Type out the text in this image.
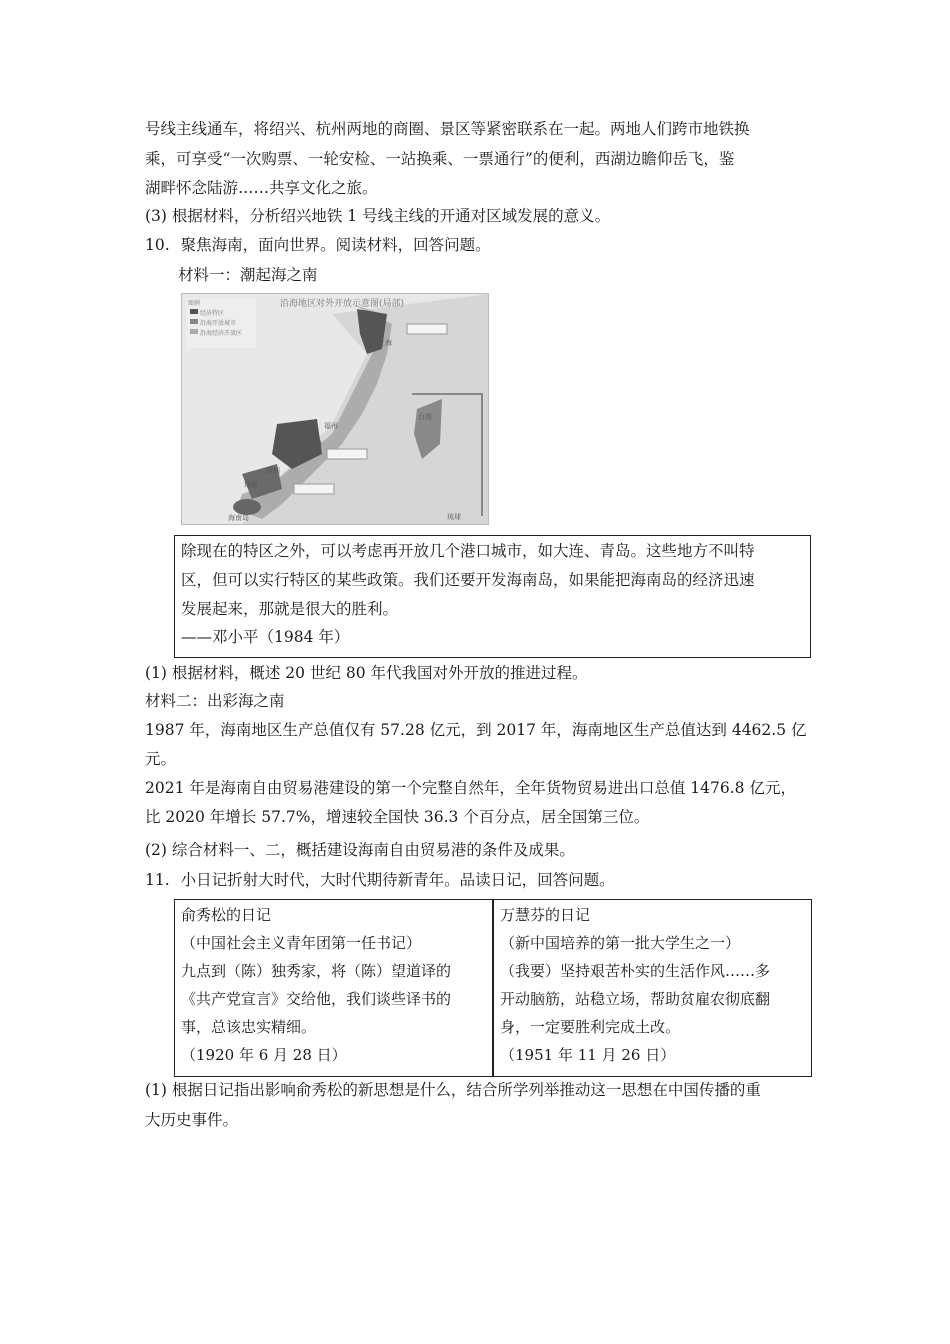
号线主线通车，将绍兴、杭州两地的商圈、景区等紧密联系在一起。两地人们跨市地铁换
乘，可享受“一次购票、一轮安检、一站换乘、一票通行”的便利，西湖边瞻仰岳飞，鉴
湖畔怀念陆游……共享文化之旅。
(3) 根据材料，分析绍兴地铁 1 号线主线的开通对区域发展的意义。
10. 聚焦海南，面向世界。阅读材料，回答问题。
材料一：潮起海之南
沿海地区对外开放示意图(局部)
图例
经济特区
沿海开放城市
沿海经济开放区
上海
福州
厦门
汕头
深圳
珠海
台湾
琉球
海南岛
除现在的特区之外，可以考虑再开放几个港口城市，如大连、青岛。这些地方不叫特
区，但可以实行特区的某些政策。我们还要开发海南岛，如果能把海南岛的经济迅速
发展起来，那就是很大的胜利。
——邓小平（1984 年）
(1) 根据材料，概述 20 世纪 80 年代我国对外开放的推进过程。
材料二：出彩海之南
1987 年，海南地区生产总值仅有 57.28 亿元，到 2017 年，海南地区生产总值达到 4462.5 亿
元。
2021 年是海南自由贸易港建设的第一个完整自然年，全年货物贸易进出口总值 1476.8 亿元，
比 2020 年增长 57.7%，增速较全国快 36.3 个百分点，居全国第三位。
(2) 综合材料一、二，概括建设海南自由贸易港的条件及成果。
11. 小日记折射大时代，大时代期待新青年。品读日记，回答问题。
俞秀松的日记
（中国社会主义青年团第一任书记）
九点到（陈）独秀家，将（陈）望道译的
《共产党宣言》交给他，我们谈些译书的
事，总该忠实精细。
（1920 年 6 月 28 日）
万慧芬的日记
（新中国培养的第一批大学生之一）
（我要）坚持艰苦朴实的生活作风……多
开动脑筋，站稳立场，帮助贫雇农彻底翻
身，一定要胜利完成土改。
（1951 年 11 月 26 日）
(1) 根据日记指出影响俞秀松的新思想是什么，结合所学列举推动这一思想在中国传播的重
大历史事件。
